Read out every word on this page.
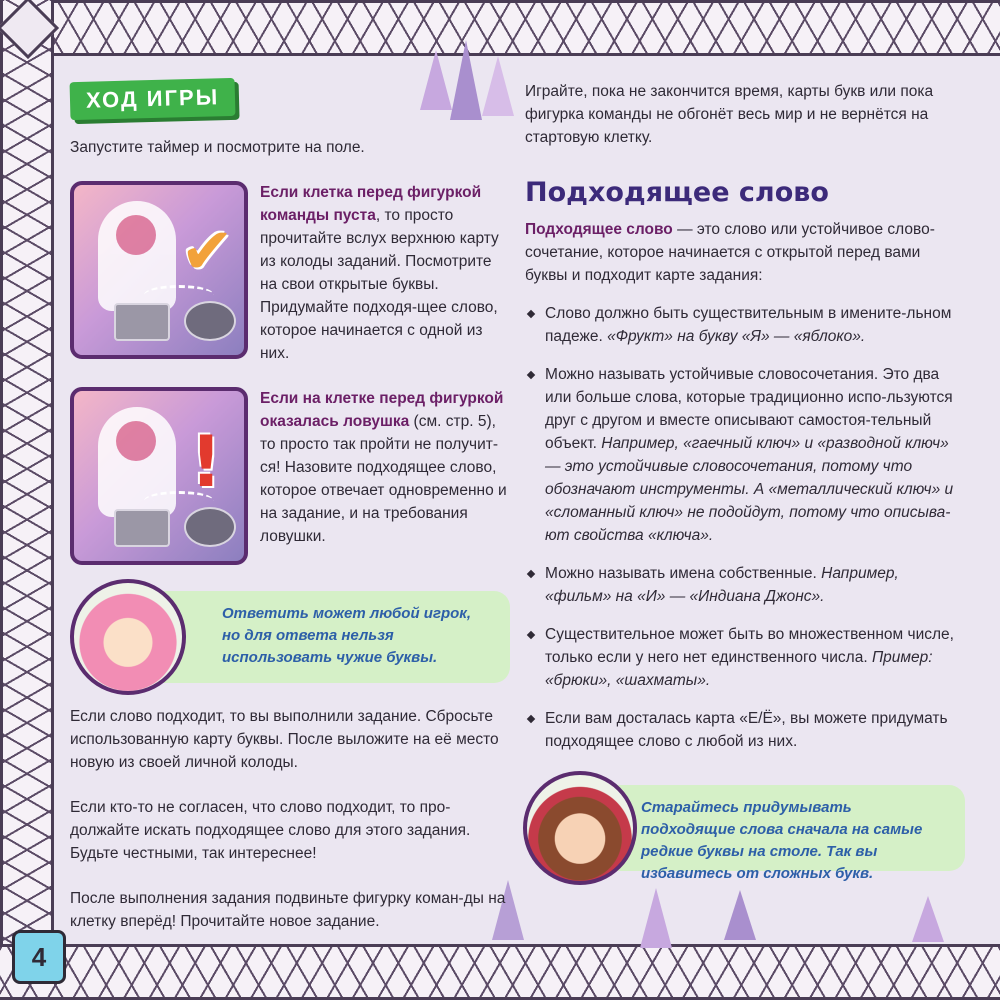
ХОД ИГРЫ

Запустите таймер и посмотрите на поле.

✔
Если клетка перед фигуркой команды пуста, то просто прочитайте вслух верхнюю карту из колоды заданий. Посмотрите на свои открытые буквы. Придумайте подходя-щее слово, которое начинается с одной из них.
!
Если на клетке перед фигуркой оказалась ловушка (см. стр. 5), то просто так пройти не получит-ся! Назовите подходящее слово, которое отвечает одновременно и на задание, и на требования ловушки.
Ответить может любой игрок, но для ответа нельзя использовать чужие буквы.

Если слово подходит, то вы выполнили задание. Сбросьте использованную карту буквы. После выложите на её место новую из своей личной колоды.

Если кто-то не согласен, что слово подходит, то про-должайте искать подходящее слово для этого задания. Будьте честными, так интереснее!

После выполнения задания подвиньте фигурку коман-ды на клетку вперёд! Прочитайте новое задание.

Играйте, пока не закончится время, карты букв или пока фигурка команды не обгонёт весь мир и не вернётся на стартовую клетку.

Подходящее слово

Подходящее слово — это слово или устойчивое слово-сочетание, которое начинается с открытой перед вами буквы и подходит карте задания:

Слово должно быть существительным в имените-льном падеже. «Фрукт» на букву «Я» — «яблоко».
Можно называть устойчивые словосочетания. Это два или больше слова, которые традиционно испо-льзуются друг с другом и вместе описывают самостоя-тельный объект. Например, «гаечный ключ» и «разводной ключ» — это устойчивые словосочетания, потому что обозначают инструменты. А «металлический ключ» и «сломанный ключ» не подойдут, потому что описыва-ют свойства «ключа».
Можно называть имена собственные. Например, «фильм» на «И» — «Индиана Джонс».
Существительное может быть во множественном числе, только если у него нет единственного числа. Пример: «брюки», «шахматы».
Если вам досталась карта «Е/Ё», вы можете придумать подходящее слово с любой из них.
Старайтесь придумывать подходящие слова сначала на самые редкие буквы на столе. Так вы избавитесь от сложных букв.
4
